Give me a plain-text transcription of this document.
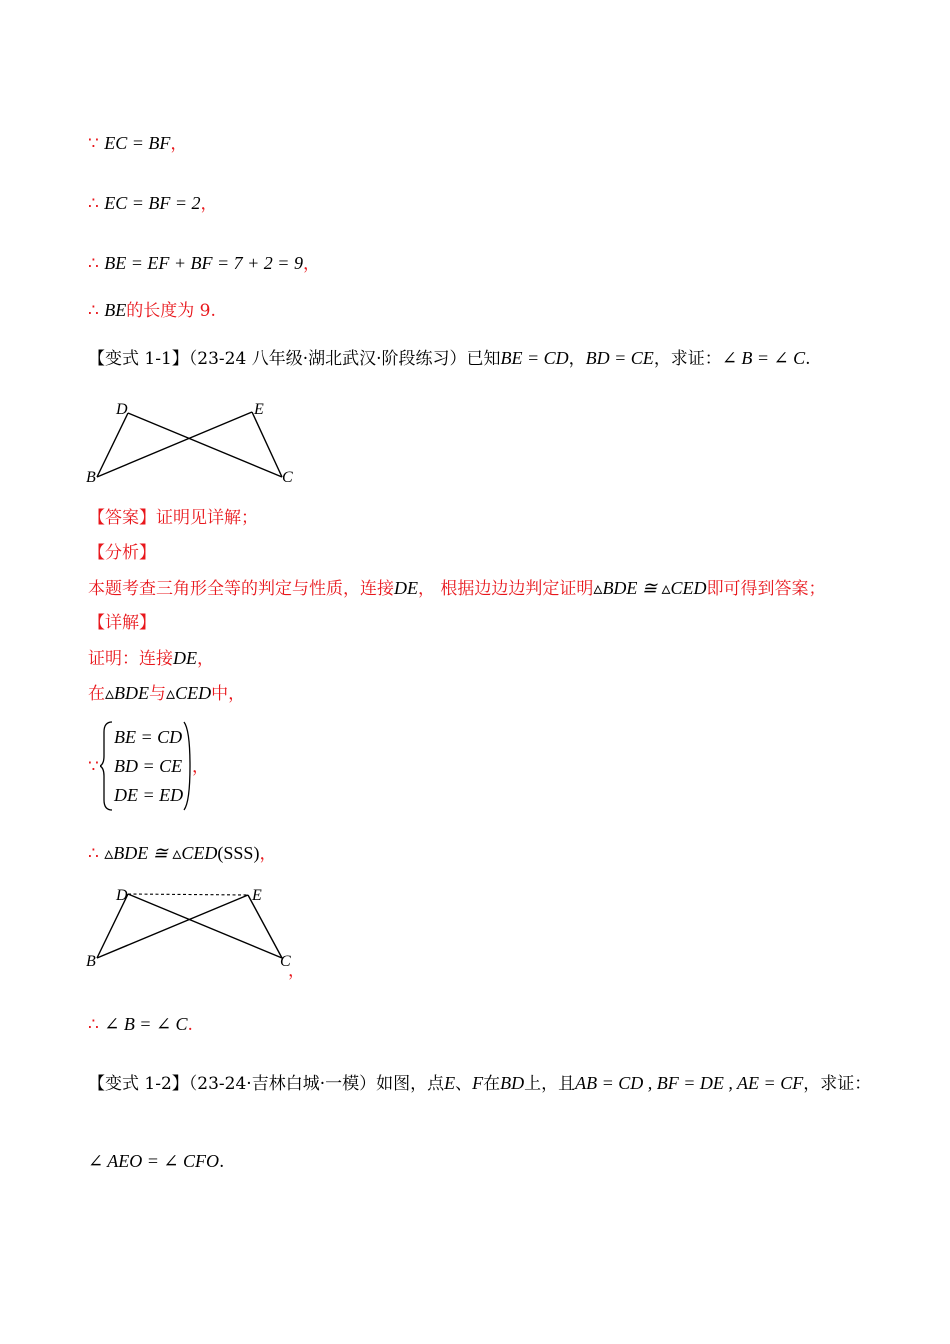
∵ EC = BF，
∴ EC = BF = 2，
∴ BE = EF + BF = 7 + 2 = 9，
∴ BE的长度为 9.
【变式 1-1】（23-24 八年级·湖北武汉·阶段练习）已知BE = CD，BD = CE，求证：∠ B = ∠ C.
D	E
B	C
【答案】证明见详解；
【分析】
本题考查三角形全等的判定与性质，连接DE， 根据边边边判定证明▵BDE ≅ ▵CED即可得到答案；
【详解】
证明：连接DE，
在▵BDE与▵CED中，
∵
BE = CD
BD = CE
DE = ED
，
∴ ▵BDE ≅ ▵CED(SSS)，
D	E
B	C
，
∴ ∠ B = ∠ C.
【变式 1-2】（23-24·吉林白城·一模）如图，点E、F在BD上，且AB = CD , BF = DE , AE = CF，求证：
∠ AEO = ∠ CFO.
